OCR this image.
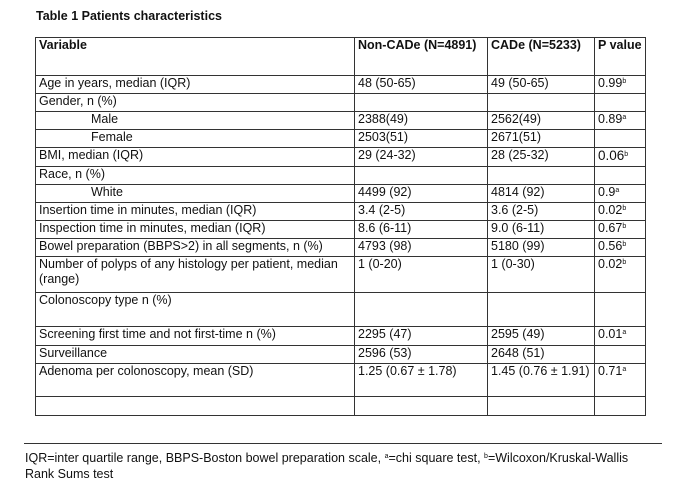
Table 1 Patients characteristics
Variable	Non-CADe (N=4891)	CADe (N=5233)	P value
Age in years, median (IQR)	48 (50-65)	49 (50-65)	0.99$^b$
Gender, n (%)			
Male	2388(49)	2562(49)	0.89$^a$
Female	2503(51)	2671(51)	
BMI, median (IQR)	29 (24-32)	28 (25-32)	0.06$^b$
Race, n (%)			
White	4499 (92)	4814 (92)	0.9$^a$
Insertion time in minutes, median (IQR)	3.4 (2-5)	3.6 (2-5)	0.02$^b$
Inspection time in minutes, median (IQR)	8.6 (6-11)	9.0 (6-11)	0.67$^b$
Bowel preparation (BBPS>2) in all segments, n (%)	4793 (98)	5180 (99)	0.56$^b$
Number of polyps of any histology per patient, median (range)	1 (0-20)	1 (0-30)	0.02$^b$
Colonoscopy type n (%)			
Screening first time and not first-time n (%)	2295 (47)	2595 (49)	0.01$^a$
Surveillance	2596 (53)	2648 (51)	
Adenoma per colonoscopy, mean (SD)	1.25 (0.67 ± 1.78)	1.45 (0.76 ± 1.91)	0.71$^a$

IQR=inter quartile range, BBPS-Boston bowel preparation scale, $^a$=chi square test, $^b$=Wilcoxon/Kruskal-Wallis Rank Sums test
